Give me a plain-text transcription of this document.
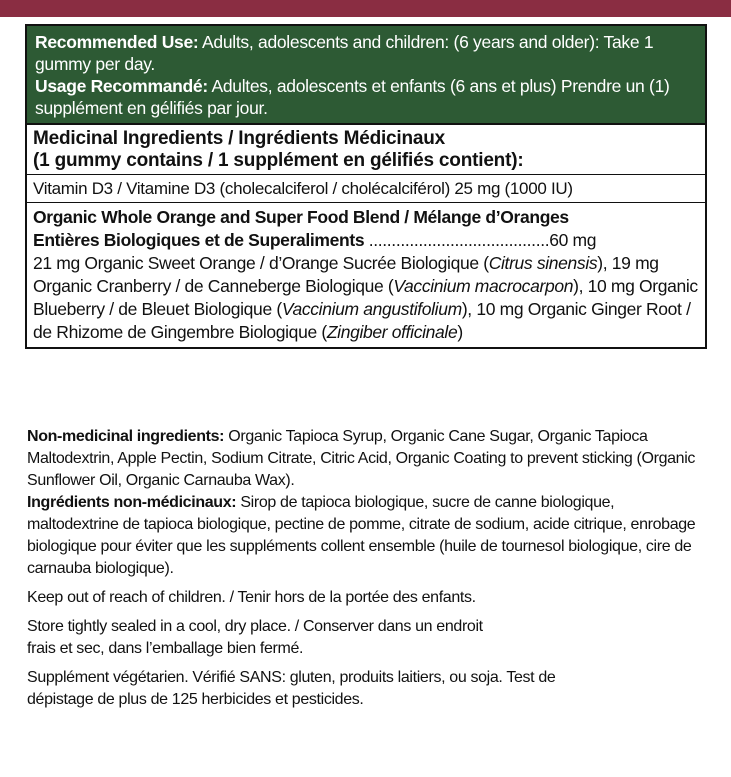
Recommended Use: Adults, adolescents and children: (6 years and older): Take 1 gummy per day.
Usage Recommandé: Adultes, adolescents et enfants (6 ans et plus) Prendre un (1) supplément en gélifiés par jour.
Medicinal Ingredients / Ingrédients Médicinaux
(1 gummy contains / 1 supplément en gélifiés contient):
Vitamin D3 / Vitamine D3 (cholecalciferol / cholécalciférol) 25 mg (1000 IU)
Organic Whole Orange and Super Food Blend / Mélange d’Oranges
Entières Biologiques et de Superaliments ........................................60 mg
21 mg Organic Sweet Orange / d’Orange Sucrée Biologique (Citrus sinensis), 19 mg Organic Cranberry / de Canneberge Biologique (Vaccinium macrocarpon), 10 mg Organic Blueberry / de Bleuet Biologique (Vaccinium angustifolium), 10 mg Organic Ginger Root / de Rhizome de Gingembre Biologique (Zingiber officinale)

Non-medicinal ingredients: Organic Tapioca Syrup, Organic Cane Sugar, Organic Tapioca Maltodextrin, Apple Pectin, Sodium Citrate, Citric Acid, Organic Coating to prevent sticking (Organic Sunflower Oil, Organic Carnauba Wax).

Ingrédients non-médicinaux: Sirop de tapioca biologique, sucre de canne biologique, maltodextrine de tapioca biologique, pectine de pomme, citrate de sodium, acide citrique, enrobage biologique pour éviter que les suppléments collent ensemble (huile de tournesol biologique, cire de carnauba biologique).

Keep out of reach of children. / Tenir hors de la portée des enfants.

Store tightly sealed in a cool, dry place. / Conserver dans un endroit
frais et sec, dans l’emballage bien fermé.

Supplément végétarien. Vérifié SANS: gluten, produits laitiers, ou soja. Test de
dépistage de plus de 125 herbicides et pesticides.
